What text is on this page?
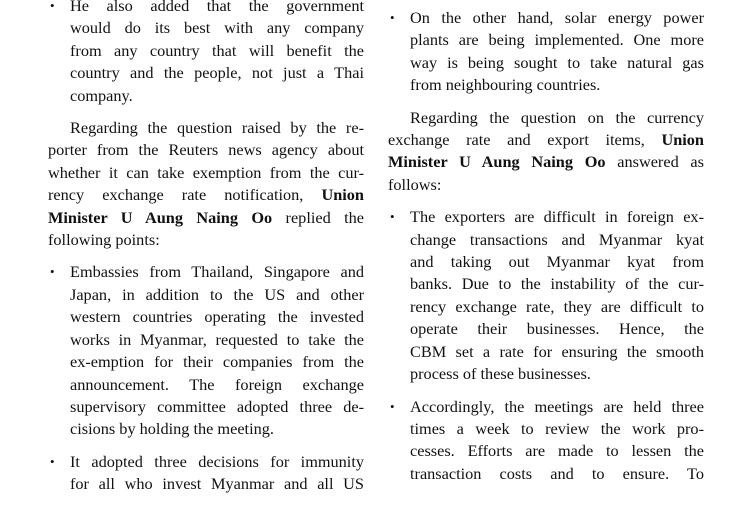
• He also added that the government
would do its best with any company
from any country that will benefit the
country and the people, not just a Thai
company.
Regarding the question raised by the re-
porter from the Reuters news agency about
whether it can take exemption from the cur-
rency exchange rate notification, Union
Minister U Aung Naing Oo replied the
following points:
• Embassies from Thailand, Singapore and
Japan, in addition to the US and other
western countries operating the invested
works in Myanmar, requested to take the
ex-emption for their companies from the
announcement. The foreign exchange
supervisory committee adopted three de-
cisions by holding the meeting.
• It adopted three decisions for immunity
for all who invest Myanmar and all US
• On the other hand, solar energy power
plants are being implemented. One more
way is being sought to take natural gas
from neighbouring countries.
Regarding the question on the currency
exchange rate and export items, Union
Minister U Aung Naing Oo answered as
follows:
• The exporters are difficult in foreign ex-
change transactions and Myanmar kyat
and taking out Myanmar kyat from
banks. Due to the instability of the cur-
rency exchange rate, they are difficult to
operate their businesses. Hence, the
CBM set a rate for ensuring the smooth
process of these businesses.
• Accordingly, the meetings are held three
times a week to review the work pro-
cesses. Efforts are made to lessen the
transaction costs and to ensure. To
